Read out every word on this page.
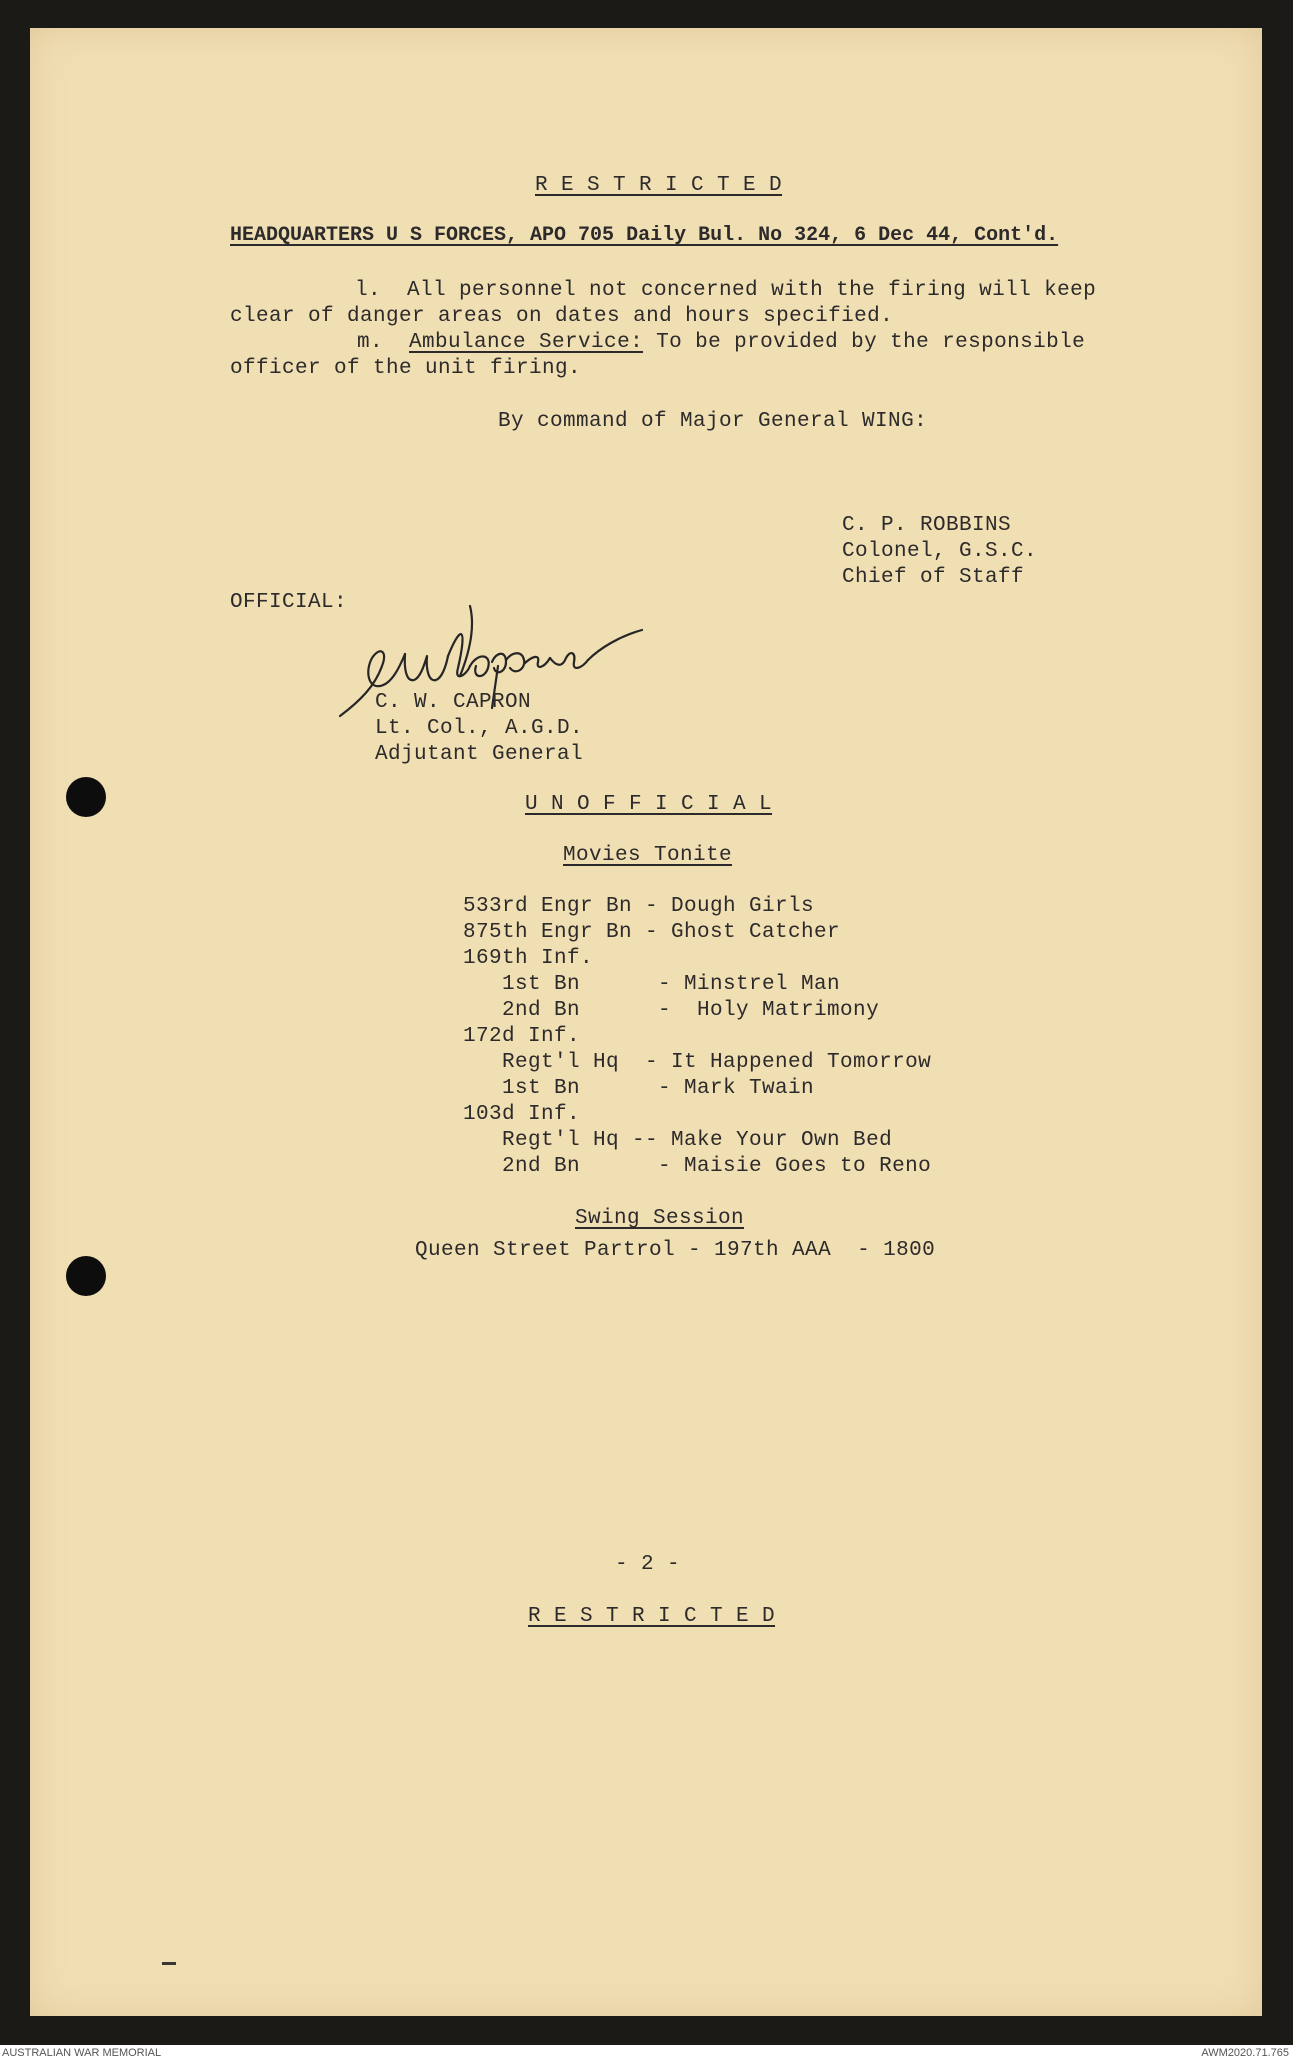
R E S T R I C T E D
HEADQUARTERS U S FORCES, APO 705 Daily Bul. No 324, 6 Dec 44, Cont'd.
l.  All personnel not concerned with the firing will keep
clear of danger areas on dates and hours specified.
m. Ambulance Service: To be provided by the responsible
officer of the unit firing.
By command of Major General WING:
C. P. ROBBINS
Colonel, G.S.C.
Chief of Staff
OFFICIAL:
C. W. CAPRON
Lt. Col., A.G.D.
Adjutant General
U N O F F I C I A L
Movies Tonite
533rd Engr Bn - Dough Girls
875th Engr Bn - Ghost Catcher
169th Inf.
1st Bn      - Minstrel Man
2nd Bn      -  Holy Matrimony
172d Inf.
Regt'l Hq  - It Happened Tomorrow
1st Bn      - Mark Twain
103d Inf.
Regt'l Hq -- Make Your Own Bed
2nd Bn      - Maisie Goes to Reno
Swing Session
Queen Street Partrol - 197th AAA  - 1800
- 2 -
R E S T R I C T E D
AUSTRALIAN WAR MEMORIAL	AWM2020.71.765
